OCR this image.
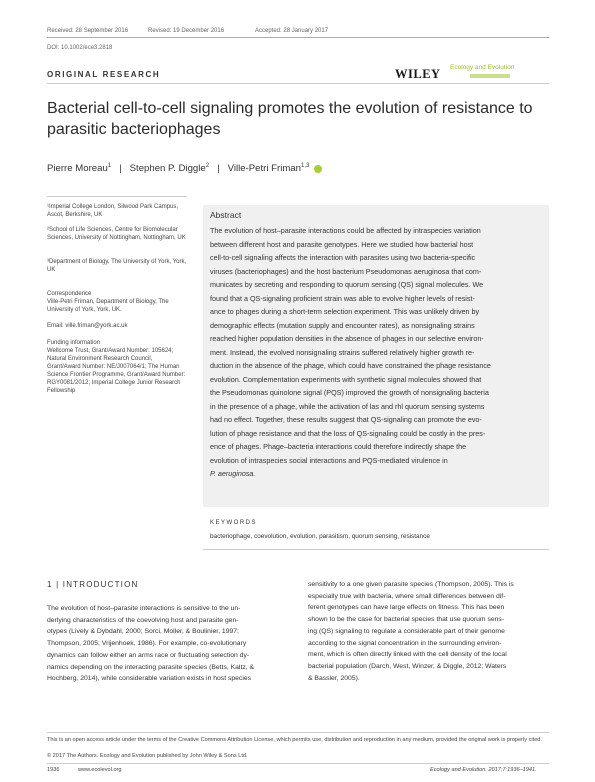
Received: 28 September 2016	Revised: 19 December 2016	Accepted: 28 January 2017
DOI: 10.1002/ece3.2818
ORIGINAL RESEARCH	WILEY Ecology and Evolution
Bacterial cell-to-cell signaling promotes the evolution of resistance to parasitic bacteriophages
Pierre Moreau$^1$   |   Stephen P. Diggle$^2$   |   Ville-Petri Friman$^{1,3}$
¹Imperial College London, Silwood Park Campus, Ascot, Berkshire, UK
²School of Life Sciences, Centre for Biomolecular Sciences, University of Nottingham, Nottingham, UK
³Department of Biology, The University of York, York, UK
Correspondence
Ville-Petri Friman, Department of Biology, The University of York, York, UK.
Email: ville.friman@york.ac.uk
Funding information
Wellcome Trust, Grant/Award Number: 105624; Natural Environment Research Council, Grant/Award Number: NE/J007064/1; The Human Science Frontier Programme, Grant/Award Number: RGY0081/2012; Imperial College Junior Research Fellowship
Abstract
The evolution of host–parasite interactions could be affected by intraspecies variation
between different host and parasite genotypes. Here we studied how bacterial host
cell-to-cell signaling affects the interaction with parasites using two bacteria-specific
viruses (bacteriophages) and the host bacterium Pseudomonas aeruginosa that com-
municates by secreting and responding to quorum sensing (QS) signal molecules. We
found that a QS-signaling proficient strain was able to evolve higher levels of resist-
ance to phages during a short-term selection experiment. This was unlikely driven by
demographic effects (mutation supply and encounter rates), as nonsignaling strains
reached higher population densities in the absence of phages in our selective environ-
ment. Instead, the evolved nonsignaling strains suffered relatively higher growth re-
duction in the absence of the phage, which could have constrained the phage resistance
evolution. Complementation experiments with synthetic signal molecules showed that
the Pseudomonas quinolone signal (PQS) improved the growth of nonsignaling bacteria
in the presence of a phage, while the activation of las and rhl quorum sensing systems
had no effect. Together, these results suggest that QS-signaling can promote the evo-
lution of phage resistance and that the loss of QS-signaling could be costly in the pres-
ence of phages. Phage–bacteria interactions could therefore indirectly shape the
evolution of intraspecies social interactions and PQS-mediated virulence in
P. aeruginosa.
KEYWORDS
bacteriophage, coevolution, evolution, parasitism, quorum sensing, resistance
1 | INTRODUCTION
The evolution of host–parasite interactions is sensitive to the un-
derlying characteristics of the coevolving host and parasite gen-
otypes (Lively & Dybdahl, 2000; Sorci, Moller, & Boulinier, 1997;
Thompson, 2005; Vrijenhoek, 1986). For example, co-evolutionary
dynamics can follow either an arms race or fluctuating selection dy-
namics depending on the interacting parasite species (Betts, Kaltz, &
Hochberg, 2014), while considerable variation exists in host species
sensitivity to a one given parasite species (Thompson, 2005). This is
especially true with bacteria, where small differences between dif-
ferent genotypes can have large effects on fitness. This has been
shown to be the case for bacterial species that use quorum sens-
ing (QS) signaling to regulate a considerable part of their genome
according to the signal concentration in the surrounding environ-
ment, which is often directly linked with the cell density of the local
bacterial population (Darch, West, Winzer, & Diggle, 2012; Waters
& Bassler, 2005).
This is an open access article under the terms of the Creative Commons Attribution License, which permits use, distribution and reproduction in any medium, provided the original work is properly cited.
© 2017 The Authors. Ecology and Evolution published by John Wiley & Sons Ltd.
1936	www.ecolevol.org	Ecology and Evolution. 2017;7:1936–1941.
